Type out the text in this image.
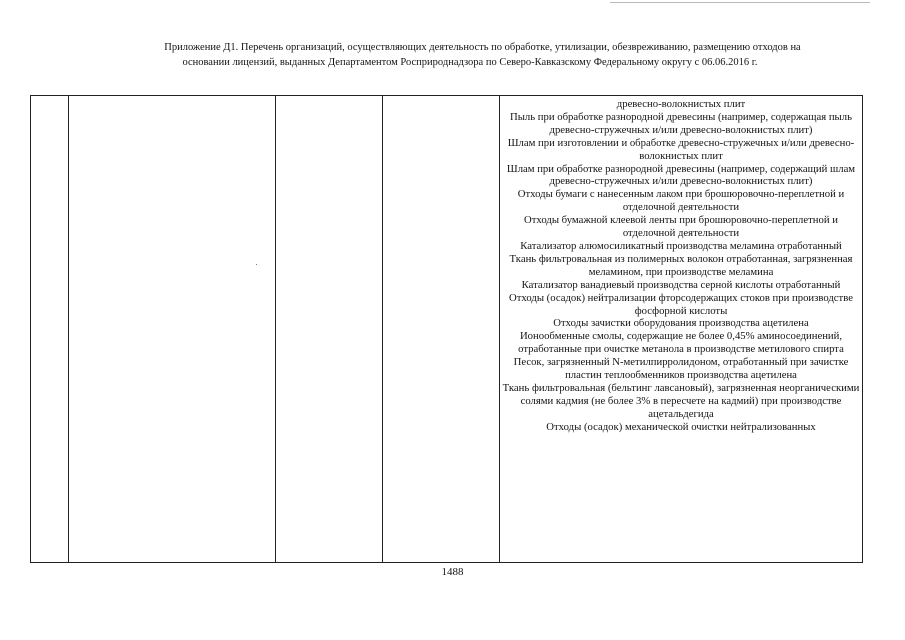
Приложение Д1. Перечень организаций, осуществляющих деятельность по обработке, утилизации, обезвреживанию, размещению отходов на
основании лицензий, выданных Департаментом Росприроднадзора по Северо-Кавказскому Федеральному округу с 06.06.2016 г.

древесно-волокнистых плит
Пыль при обработке разнородной древесины (например, содержащая пыль древесно-стружечных и/или древесно-волокнистых плит)
Шлам при изготовлении и обработке древесно-стружечных и/или древесно-волокнистых плит
Шлам при обработке разнородной древесины (например, содержащий шлам древесно-стружечных и/или древесно-волокнистых плит)
Отходы бумаги с нанесенным лаком при брошюровочно-переплетной и отделочной деятельности
Отходы бумажной клеевой ленты при брошюровочно-переплетной и отделочной деятельности
Катализатор алюмосиликатный производства меламина отработанный
Ткань фильтровальная из полимерных волокон отработанная, загрязненная меламином, при производстве меламина
Катализатор ванадиевый производства серной кислоты отработанный
Отходы (осадок) нейтрализации фторсодержащих стоков при производстве фосфорной кислоты
Отходы зачистки оборудования производства ацетилена
Ионообменные смолы, содержащие не более 0,45% аминосоединений, отработанные при очистке метанола в производстве метилового спирта
Песок, загрязненный N-метилпирролидоном, отработанный при зачистке пластин теплообменников производства ацетилена
Ткань фильтровальная (бельтинг лавсановый), загрязненная неорганическими солями кадмия (не более 3% в пересчете на кадмий) при производстве ацетальдегида
Отходы (осадок) механической очистки нейтрализованных
1488
